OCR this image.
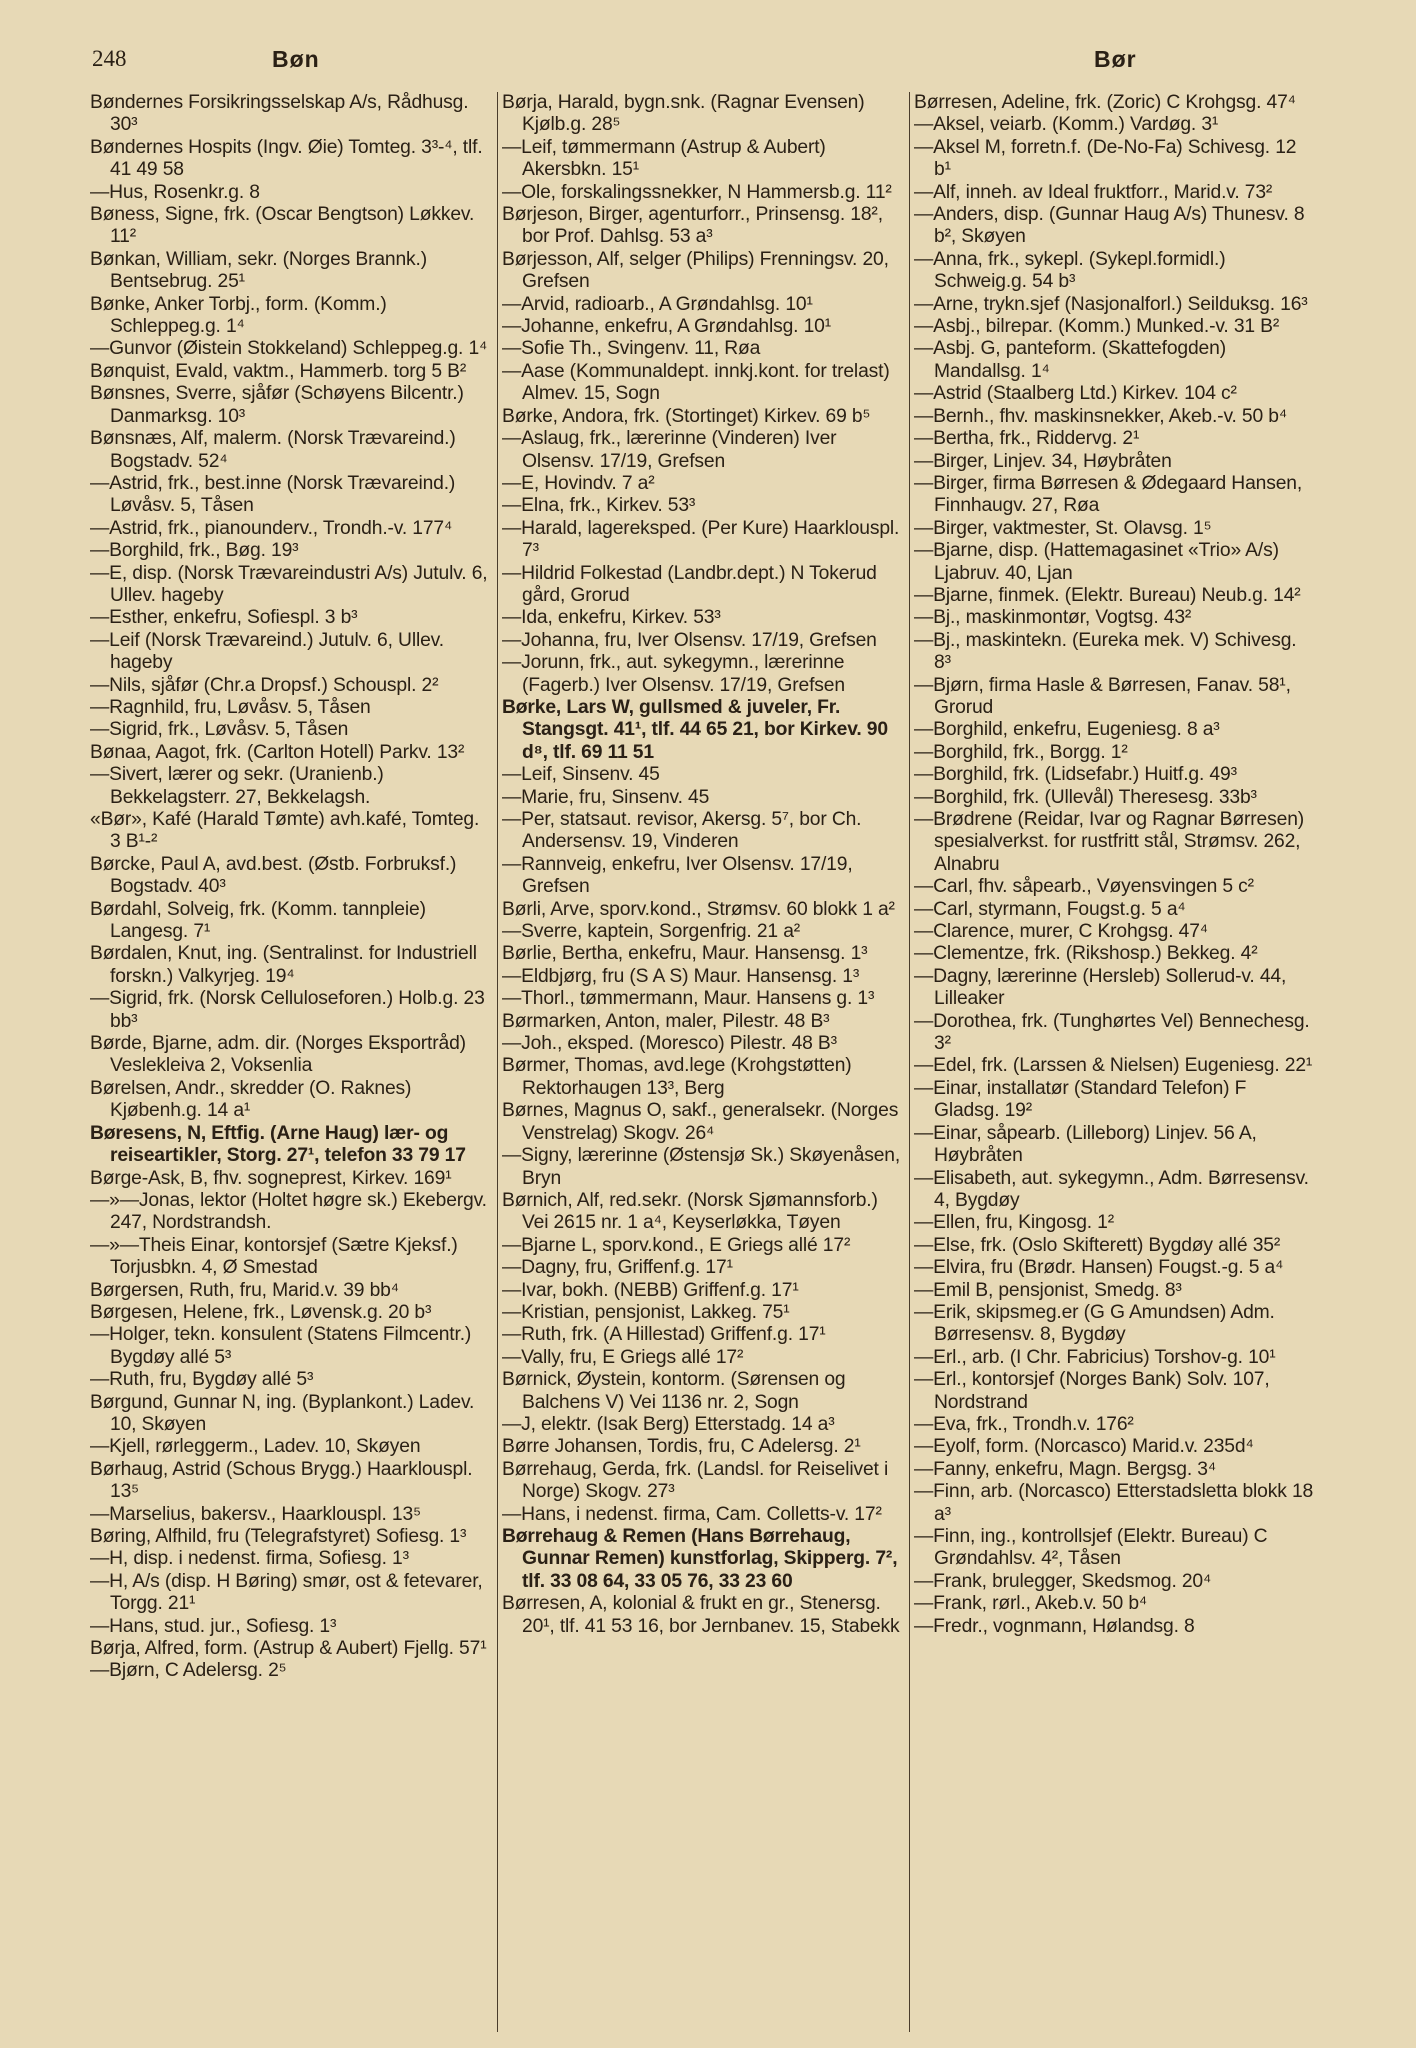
248	Bøn	Bør

Bøndernes Forsikringsselskap A/s, Rådhusg. 30³

Bøndernes Hospits (Ingv. Øie) Tomteg. 3³-⁴, tlf. 41 49 58

—Hus, Rosenkr.g. 8

Bøness, Signe, frk. (Oscar Bengtson) Løkkev. 11²

Bønkan, William, sekr. (Norges Brannk.) Bentsebrug. 25¹

Bønke, Anker Torbj., form. (Komm.) Schleppeg.g. 1⁴

—Gunvor (Øistein Stokkeland) Schleppeg.g. 1⁴

Bønquist, Evald, vaktm., Hammerb. torg 5 B²

Bønsnes, Sverre, sjåfør (Schøyens Bilcentr.) Danmarksg. 10³

Bønsnæs, Alf, malerm. (Norsk Trævareind.) Bogstadv. 52⁴

—Astrid, frk., best.inne (Norsk Trævareind.) Løvåsv. 5, Tåsen

—Astrid, frk., pianounderv., Trondh.-v. 177⁴

—Borghild, frk., Bøg. 19³

—E, disp. (Norsk Trævareindustri A/s) Jutulv. 6, Ullev. hageby

—Esther, enkefru, Sofiespl. 3 b³

—Leif (Norsk Trævareind.) Jutulv. 6, Ullev. hageby

—Nils, sjåfør (Chr.a Dropsf.) Schouspl. 2²

—Ragnhild, fru, Løvåsv. 5, Tåsen

—Sigrid, frk., Løvåsv. 5, Tåsen

Bønaa, Aagot, frk. (Carlton Hotell) Parkv. 13²

—Sivert, lærer og sekr. (Uranienb.) Bekkelagsterr. 27, Bekkelagsh.

«Bør», Kafé (Harald Tømte) avh.kafé, Tomteg. 3 B¹-²

Børcke, Paul A, avd.best. (Østb. Forbruksf.) Bogstadv. 40³

Børdahl, Solveig, frk. (Komm. tannpleie) Langesg. 7¹

Børdalen, Knut, ing. (Sentralinst. for Industriell forskn.) Valkyrjeg. 19⁴

—Sigrid, frk. (Norsk Celluloseforen.) Holb.g. 23 bb³

Børde, Bjarne, adm. dir. (Norges Eksportråd) Veslekleiva 2, Voksenlia

Børelsen, Andr., skredder (O. Raknes) Kjøbenh.g. 14 a¹

Børesens, N, Eftfig. (Arne Haug) lær- og reiseartikler, Storg. 27¹, telefon 33 79 17

Børge-Ask, B, fhv. sogneprest, Kirkev. 169¹

—»—Jonas, lektor (Holtet høgre sk.) Ekebergv. 247, Nordstrandsh.

—»—Theis Einar, kontorsjef (Sætre Kjeksf.) Torjusbkn. 4, Ø Smestad

Børgersen, Ruth, fru, Marid.v. 39 bb⁴

Børgesen, Helene, frk., Løvensk.g. 20 b³

—Holger, tekn. konsulent (Statens Filmcentr.) Bygdøy allé 5³

—Ruth, fru, Bygdøy allé 5³

Børgund, Gunnar N, ing. (Byplankont.) Ladev. 10, Skøyen

—Kjell, rørleggerm., Ladev. 10, Skøyen

Børhaug, Astrid (Schous Brygg.) Haarklouspl. 13⁵

—Marselius, bakersv., Haarklouspl. 13⁵

Børing, Alfhild, fru (Telegrafstyret) Sofiesg. 1³

—H, disp. i nedenst. firma, Sofiesg. 1³

—H, A/s (disp. H Børing) smør, ost & fetevarer, Torgg. 21¹

—Hans, stud. jur., Sofiesg. 1³

Børja, Alfred, form. (Astrup & Aubert) Fjellg. 57¹

—Bjørn, C Adelersg. 2⁵

Børja, Harald, bygn.snk. (Ragnar Evensen) Kjølb.g. 28⁵

—Leif, tømmermann (Astrup & Aubert) Akersbkn. 15¹

—Ole, forskalingssnekker, N Hammersb.g. 11²

Børjeson, Birger, agenturforr., Prinsensg. 18², bor Prof. Dahlsg. 53 a³

Børjesson, Alf, selger (Philips) Frenningsv. 20, Grefsen

—Arvid, radioarb., A Grøndahlsg. 10¹

—Johanne, enkefru, A Grøndahlsg. 10¹

—Sofie Th., Svingenv. 11, Røa

—Aase (Kommunaldept. innkj.kont. for trelast) Almev. 15, Sogn

Børke, Andora, frk. (Stortinget) Kirkev. 69 b⁵

—Aslaug, frk., lærerinne (Vinderen) Iver Olsensv. 17/19, Grefsen

—E, Hovindv. 7 a²

—Elna, frk., Kirkev. 53³

—Harald, lagereksped. (Per Kure) Haarklouspl. 7³

—Hildrid Folkestad (Landbr.dept.) N Tokerud gård, Grorud

—Ida, enkefru, Kirkev. 53³

—Johanna, fru, Iver Olsensv. 17/19, Grefsen

—Jorunn, frk., aut. sykegymn., lærerinne (Fagerb.) Iver Olsensv. 17/19, Grefsen

Børke, Lars W, gullsmed & juveler, Fr. Stangsgt. 41¹, tlf. 44 65 21, bor Kirkev. 90 d⁸, tlf. 69 11 51

—Leif, Sinsenv. 45

—Marie, fru, Sinsenv. 45

—Per, statsaut. revisor, Akersg. 5⁷, bor Ch. Andersensv. 19, Vinderen

—Rannveig, enkefru, Iver Olsensv. 17/19, Grefsen

Børli, Arve, sporv.kond., Strømsv. 60 blokk 1 a²

—Sverre, kaptein, Sorgenfrig. 21 a²

Børlie, Bertha, enkefru, Maur. Hansensg. 1³

—Eldbjørg, fru (S A S) Maur. Hansensg. 1³

—Thorl., tømmermann, Maur. Hansens g. 1³

Børmarken, Anton, maler, Pilestr. 48 B³

—Joh., eksped. (Moresco) Pilestr. 48 B³

Børmer, Thomas, avd.lege (Krohgstøtten) Rektorhaugen 13³, Berg

Børnes, Magnus O, sakf., generalsekr. (Norges Venstrelag) Skogv. 26⁴

—Signy, lærerinne (Østensjø Sk.) Skøyenåsen, Bryn

Børnich, Alf, red.sekr. (Norsk Sjømannsforb.) Vei 2615 nr. 1 a⁴, Keyserløkka, Tøyen

—Bjarne L, sporv.kond., E Griegs allé 17²

—Dagny, fru, Griffenf.g. 17¹

—Ivar, bokh. (NEBB) Griffenf.g. 17¹

—Kristian, pensjonist, Lakkeg. 75¹

—Ruth, frk. (A Hillestad) Griffenf.g. 17¹

—Vally, fru, E Griegs allé 17²

Børnick, Øystein, kontorm. (Sørensen og Balchens V) Vei 1136 nr. 2, Sogn

—J, elektr. (Isak Berg) Etterstadg. 14 a³

Børre Johansen, Tordis, fru, C Adelersg. 2¹

Børrehaug, Gerda, frk. (Landsl. for Reiselivet i Norge) Skogv. 27³

—Hans, i nedenst. firma, Cam. Colletts-v. 17²

Børrehaug & Remen (Hans Børrehaug, Gunnar Remen) kunstforlag, Skipperg. 7², tlf. 33 08 64, 33 05 76, 33 23 60

Børresen, A, kolonial & frukt en gr., Stenersg. 20¹, tlf. 41 53 16, bor Jernbanev. 15, Stabekk

Børresen, Adeline, frk. (Zoric) C Krohgsg. 47⁴

—Aksel, veiarb. (Komm.) Vardøg. 3¹

—Aksel M, forretn.f. (De-No-Fa) Schivesg. 12 b¹

—Alf, inneh. av Ideal fruktforr., Marid.v. 73²

—Anders, disp. (Gunnar Haug A/s) Thunesv. 8 b², Skøyen

—Anna, frk., sykepl. (Sykepl.formidl.) Schweig.g. 54 b³

—Arne, trykn.sjef (Nasjonalforl.) Seilduksg. 16³

—Asbj., bilrepar. (Komm.) Munked.-v. 31 B²

—Asbj. G, panteform. (Skattefogden) Mandallsg. 1⁴

—Astrid (Staalberg Ltd.) Kirkev. 104 c²

—Bernh., fhv. maskinsnekker, Akeb.-v. 50 b⁴

—Bertha, frk., Riddervg. 2¹

—Birger, Linjev. 34, Høybråten

—Birger, firma Børresen & Ødegaard Hansen, Finnhaugv. 27, Røa

—Birger, vaktmester, St. Olavsg. 1⁵

—Bjarne, disp. (Hattemagasinet «Trio» A/s) Ljabruv. 40, Ljan

—Bjarne, finmek. (Elektr. Bureau) Neub.g. 14²

—Bj., maskinmontør, Vogtsg. 43²

—Bj., maskintekn. (Eureka mek. V) Schivesg. 8³

—Bjørn, firma Hasle & Børresen, Fanav. 58¹, Grorud

—Borghild, enkefru, Eugeniesg. 8 a³

—Borghild, frk., Borgg. 1²

—Borghild, frk. (Lidsefabr.) Huitf.g. 49³

—Borghild, frk. (Ullevål) Theresesg. 33b³

—Brødrene (Reidar, Ivar og Ragnar Børresen) spesialverkst. for rustfritt stål, Strømsv. 262, Alnabru

—Carl, fhv. såpearb., Vøyensvingen 5 c²

—Carl, styrmann, Fougst.g. 5 a⁴

—Clarence, murer, C Krohgsg. 47⁴

—Clementze, frk. (Rikshosp.) Bekkeg. 4²

—Dagny, lærerinne (Hersleb) Sollerud-v. 44, Lilleaker

—Dorothea, frk. (Tunghørtes Vel) Bennechesg. 3²

—Edel, frk. (Larssen & Nielsen) Eugeniesg. 22¹

—Einar, installatør (Standard Telefon) F Gladsg. 19²

—Einar, såpearb. (Lilleborg) Linjev. 56 A, Høybråten

—Elisabeth, aut. sykegymn., Adm. Børresensv. 4, Bygdøy

—Ellen, fru, Kingosg. 1²

—Else, frk. (Oslo Skifterett) Bygdøy allé 35²

—Elvira, fru (Brødr. Hansen) Fougst.-g. 5 a⁴

—Emil B, pensjonist, Smedg. 8³

—Erik, skipsmeg.er (G G Amundsen) Adm. Børresensv. 8, Bygdøy

—Erl., arb. (I Chr. Fabricius) Torshov-g. 10¹

—Erl., kontorsjef (Norges Bank) Solv. 107, Nordstrand

—Eva, frk., Trondh.v. 176²

—Eyolf, form. (Norcasco) Marid.v. 235d⁴

—Fanny, enkefru, Magn. Bergsg. 3⁴

—Finn, arb. (Norcasco) Etterstadsletta blokk 18 a³

—Finn, ing., kontrollsjef (Elektr. Bureau) C Grøndahlsv. 4², Tåsen

—Frank, brulegger, Skedsmog. 20⁴

—Frank, rørl., Akeb.v. 50 b⁴

—Fredr., vognmann, Hølandsg. 8
